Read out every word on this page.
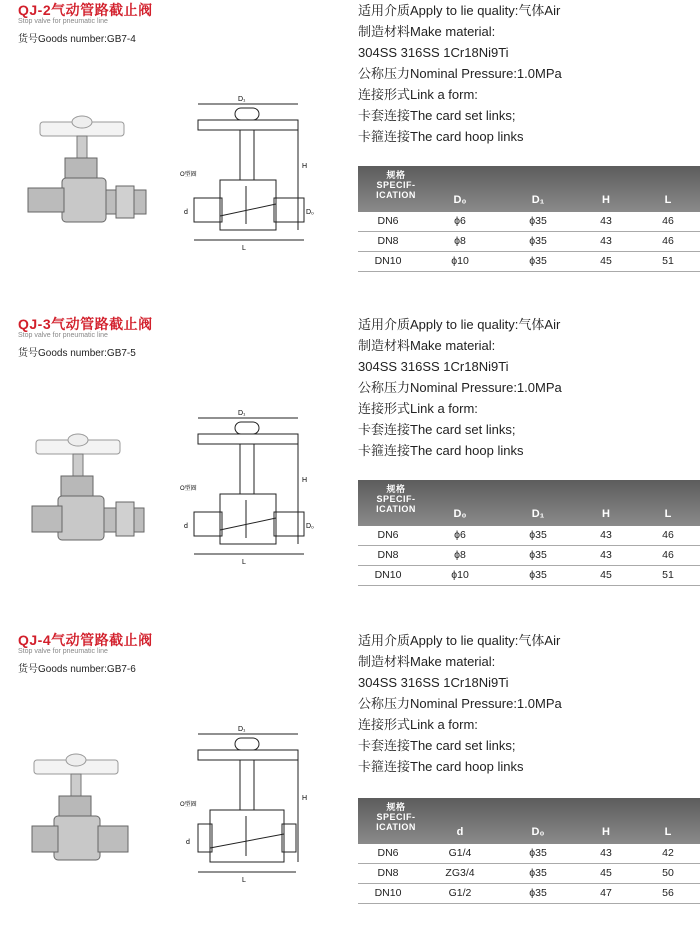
QJ-2气动管路截止阀
Stop valve for pneumatic line
货号Goods number:GB7-4
D₁
H
O型圈
d	D₀
L
适用介质Apply to lie quality:气体Air
制造材料Make material:
304SS 316SS 1Cr18Ni9Ti
公称压力Nominal Pressure:1.0MPa
连接形式Link a form:
卡套连接The card set links;
卡箍连接The card hoop links
规格
SPECIF-
ICATION	D₀	D₁	H	L
DN6	ϕ6	ϕ35	43	46
DN8	ϕ8	ϕ35	43	46
DN10	ϕ10	ϕ35	45	51
QJ-3气动管路截止阀
Stop valve for pneumatic line
货号Goods number:GB7-5
D₁
H
O型圈
d	D₀
L
适用介质Apply to lie quality:气体Air
制造材料Make material:
304SS 316SS 1Cr18Ni9Ti
公称压力Nominal Pressure:1.0MPa
连接形式Link a form:
卡套连接The card set links;
卡箍连接The card hoop links
规格
SPECIF-
ICATION	D₀	D₁	H	L
DN6	ϕ6	ϕ35	43	46
DN8	ϕ8	ϕ35	43	46
DN10	ϕ10	ϕ35	45	51
QJ-4气动管路截止阀
Stop valve for pneumatic line
货号Goods number:GB7-6
D₁
H
O型圈
d
L
适用介质Apply to lie quality:气体Air
制造材料Make material:
304SS 316SS 1Cr18Ni9Ti
公称压力Nominal Pressure:1.0MPa
连接形式Link a form:
卡套连接The card set links;
卡箍连接The card hoop links
规格
SPECIF-
ICATION	d	D₀	H	L
DN6	G1/4	ϕ35	43	42
DN8	ZG3/4	ϕ35	45	50
DN10	G1/2	ϕ35	47	56
